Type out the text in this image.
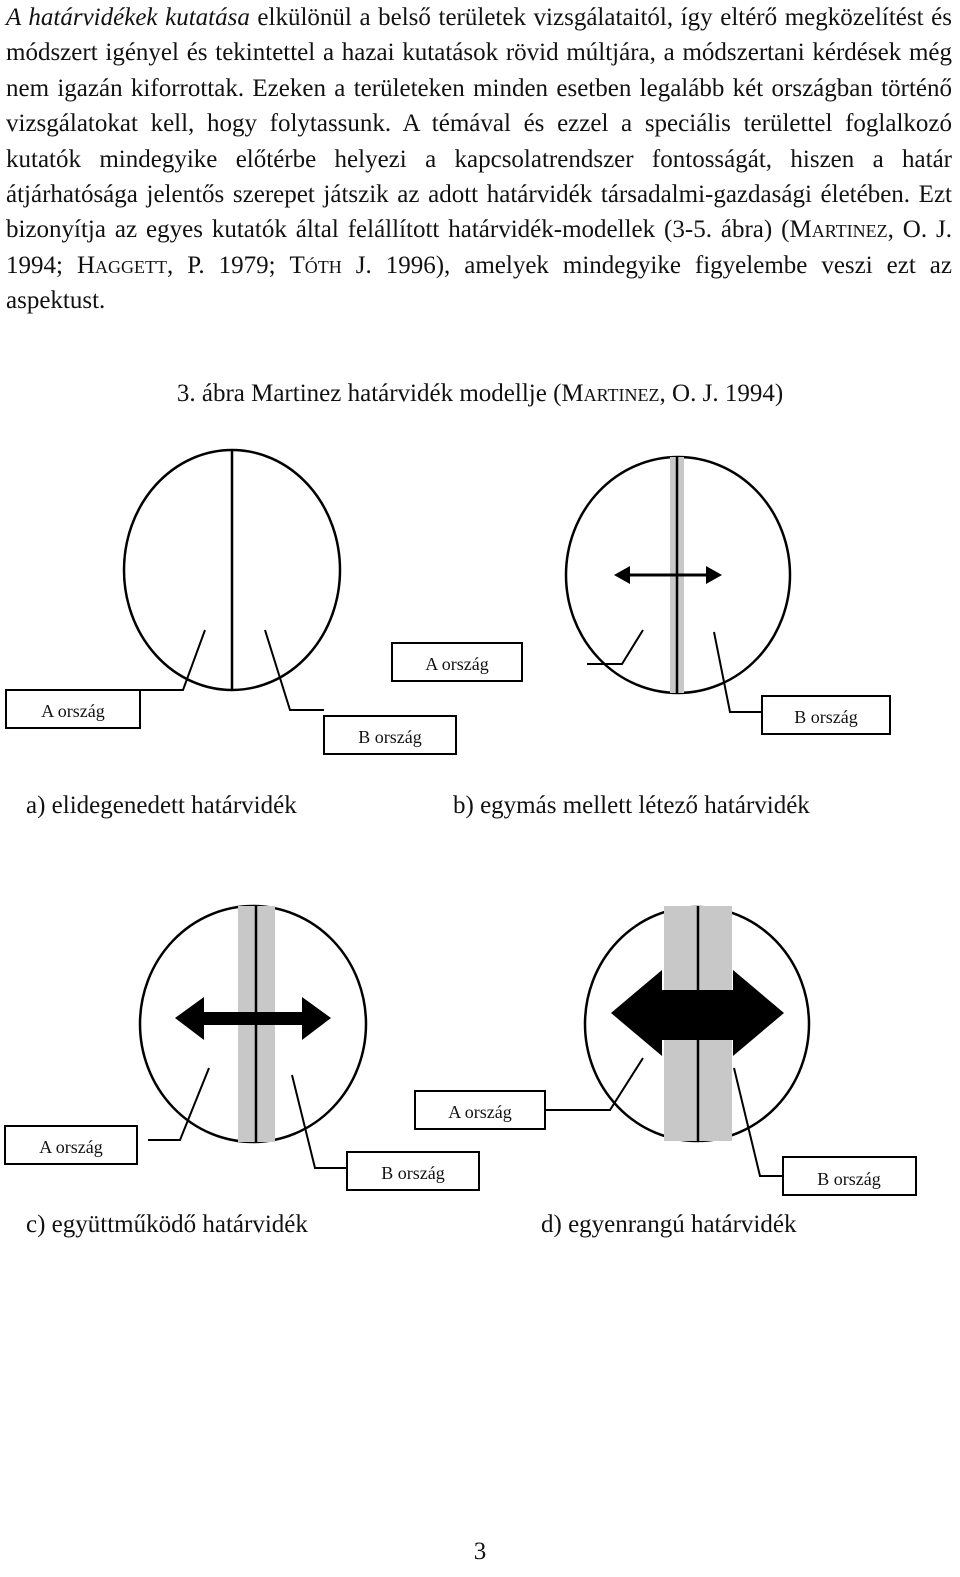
A határvidékek kutatása elkülönül a belső területek vizsgálataitól, így eltérő megközelítést és módszert igényel és tekintettel a hazai kutatások rövid múltjára, a módszertani kérdések még nem igazán kiforrottak. Ezeken a területeken minden esetben legalább két országban történő vizsgálatokat kell, hogy folytassunk. A témával és ezzel a speciális területtel foglalkozó kutatók mindegyike előtérbe helyezi a kapcsolatrendszer fontosságát, hiszen a határ átjárhatósága jelentős szerepet játszik az adott határvidék társadalmi-gazdasági életében. Ezt bizonyítja az egyes kutatók által felállított határvidék-modellek (3-5. ábra) (Martinez, O. J. 1994; Haggett, P. 1979; Tóth J. 1996), amelyek mindegyike figyelembe veszi ezt az aspektust.

3. ábra Martinez határvidék modellje (Martinez, O. J. 1994)

A ország
B ország
A ország
B ország
A ország
B ország
A ország
B ország
a) elidegenedett határvidék	b) egymás mellett létező határvidék
c) együttműködő határvidék	d) egyenrangú határvidék
3
